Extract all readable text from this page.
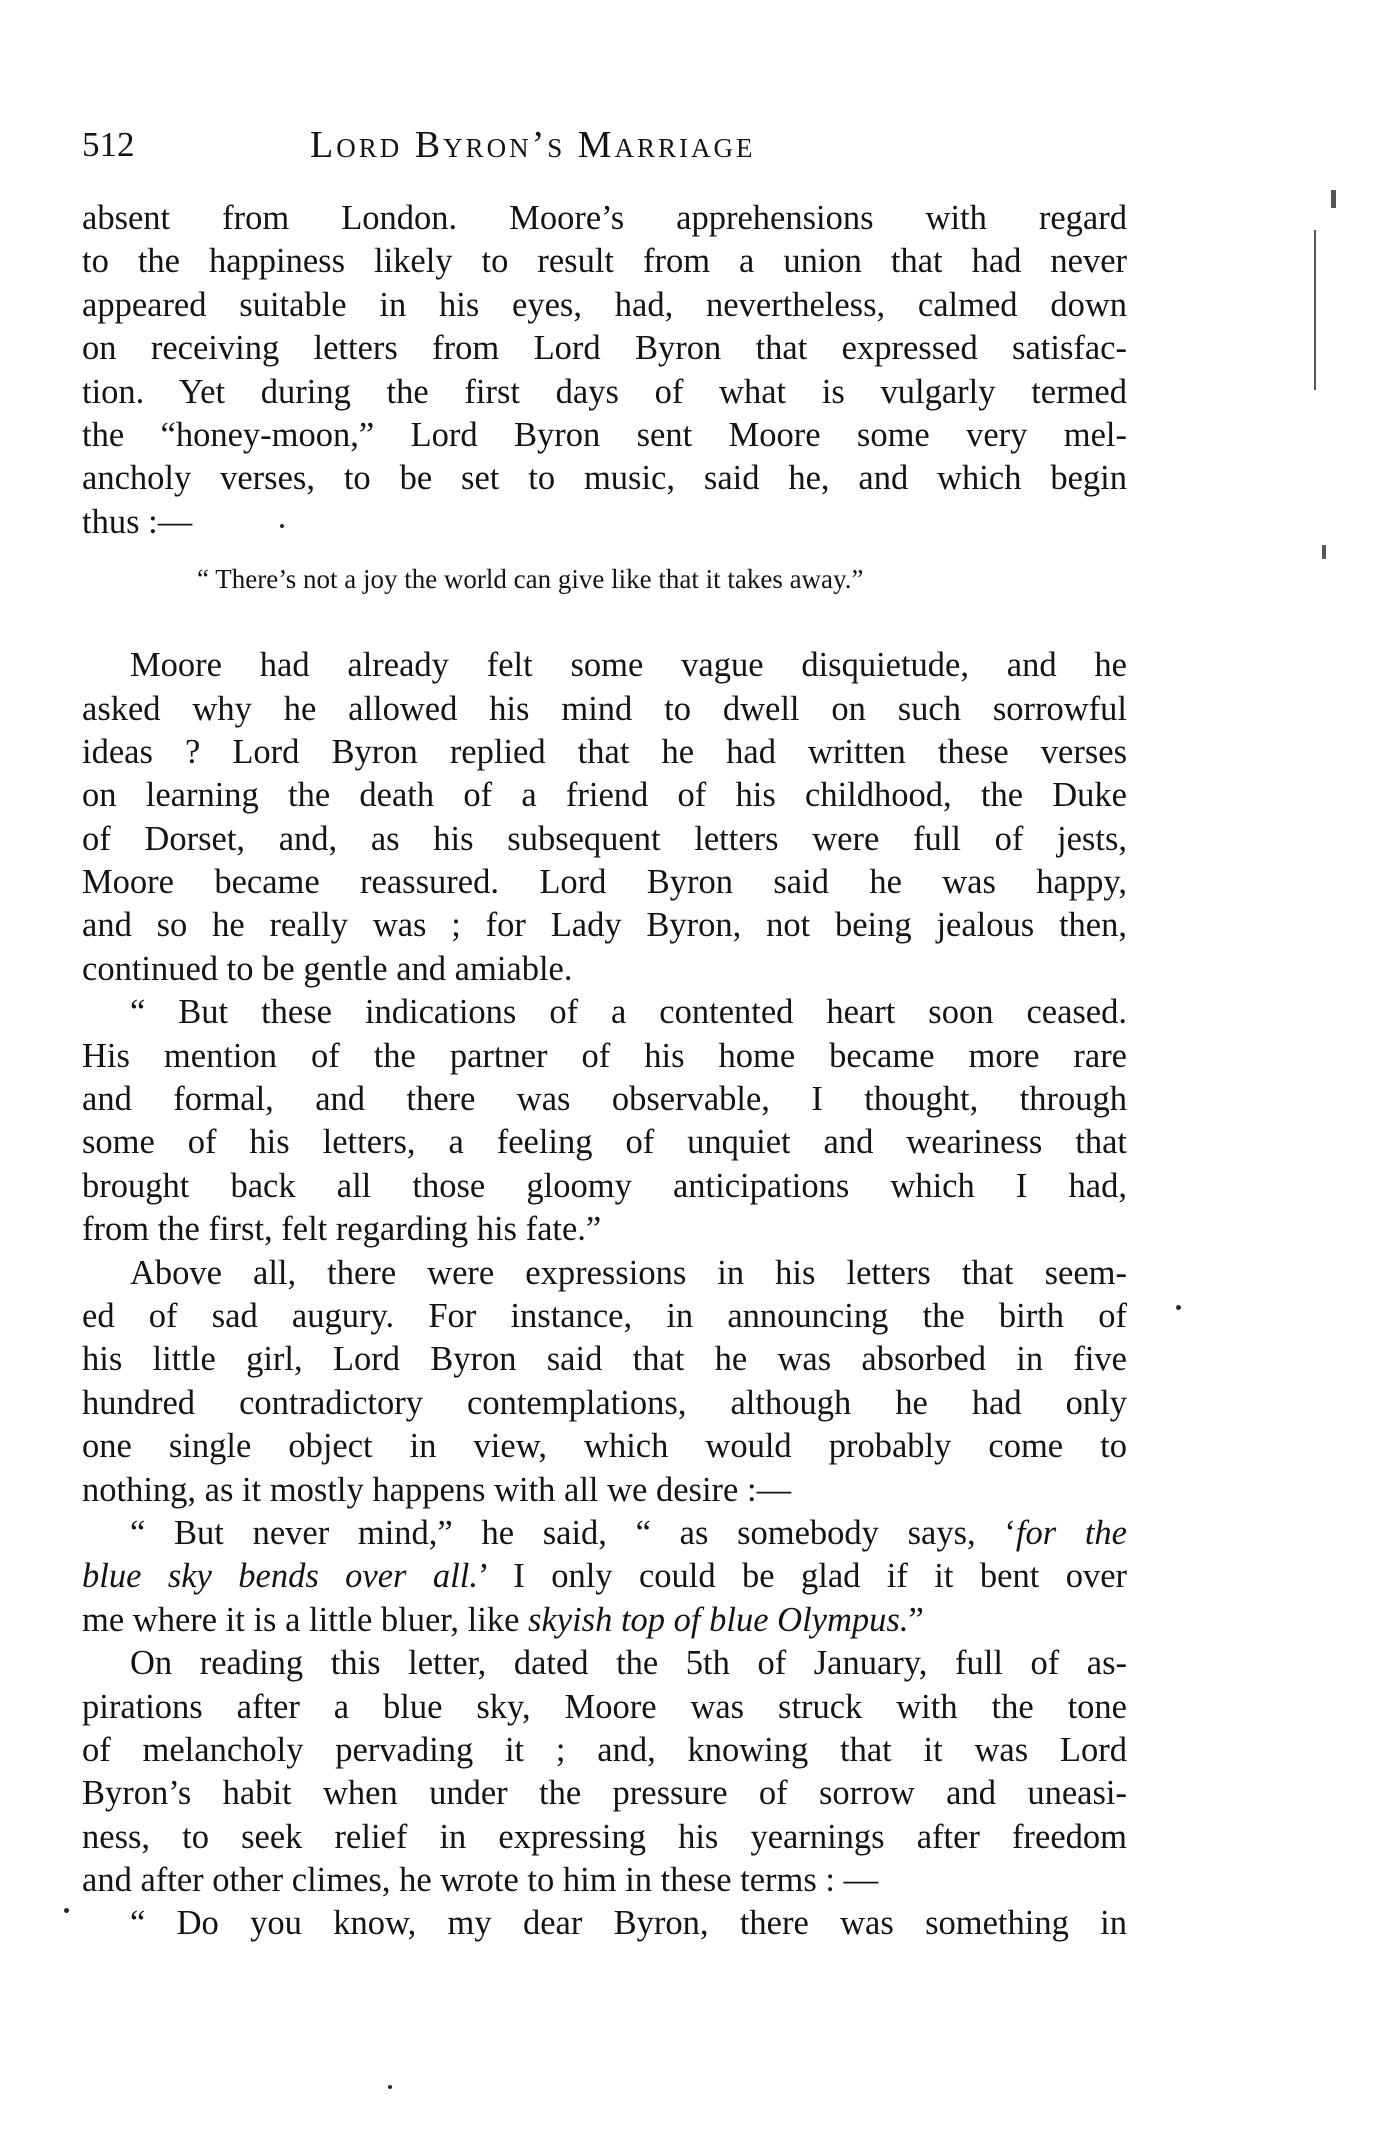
512	Lord Byron’s Marriage
absent from London. Moore’s apprehensions with regard
to the happiness likely to result from a union that had never
appeared suitable in his eyes, had, nevertheless, calmed down
on receiving letters from Lord Byron that expressed satisfac-
tion. Yet during the first days of what is vulgarly termed
the “honey-moon,” Lord Byron sent Moore some very mel-
ancholy verses, to be set to music, said he, and which begin
thus :—
“ There’s not a joy the world can give like that it takes away.”
Moore had already felt some vague disquietude, and he
asked why he allowed his mind to dwell on such sorrowful
ideas ? Lord Byron replied that he had written these verses
on learning the death of a friend of his childhood, the Duke
of Dorset, and, as his subsequent letters were full of jests,
Moore became reassured. Lord Byron said he was happy,
and so he really was ; for Lady Byron, not being jealous then,
continued to be gentle and amiable.
“ But these indications of a contented heart soon ceased.
His mention of the partner of his home became more rare
and formal, and there was observable, I thought, through
some of his letters, a feeling of unquiet and weariness that
brought back all those gloomy anticipations which I had,
from the first, felt regarding his fate.”
Above all, there were expressions in his letters that seem-
ed of sad augury. For instance, in announcing the birth of
his little girl, Lord Byron said that he was absorbed in five
hundred contradictory contemplations, although he had only
one single object in view, which would probably come to
nothing, as it mostly happens with all we desire :—
“ But never mind,” he said, “ as somebody says, ‘for the
blue sky bends over all.’ I only could be glad if it bent over
me where it is a little bluer, like skyish top of blue Olympus.”
On reading this letter, dated the 5th of January, full of as-
pirations after a blue sky, Moore was struck with the tone
of melancholy pervading it ; and, knowing that it was Lord
Byron’s habit when under the pressure of sorrow and uneasi-
ness, to seek relief in expressing his yearnings after freedom
and after other climes, he wrote to him in these terms : —
“ Do you know, my dear Byron, there was something in
